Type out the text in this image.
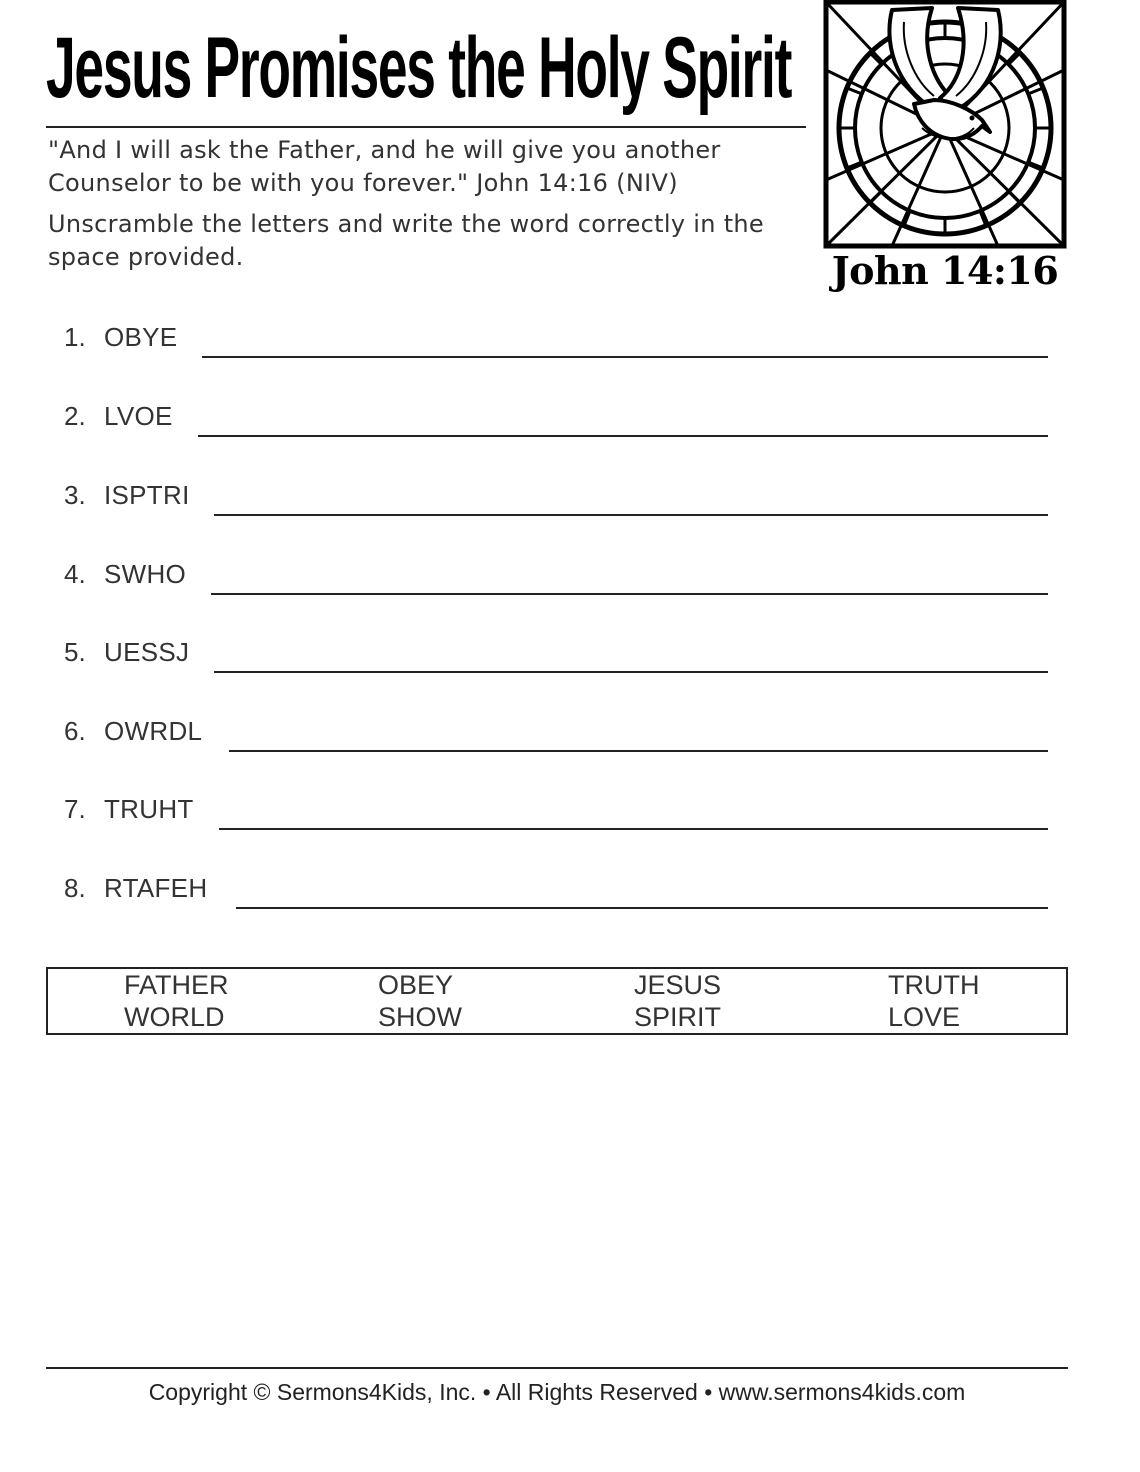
Jesus Promises the Holy Spirit
"And I will ask the Father, and he will give you another Counselor to be with you forever." John 14:16 (NIV)
Unscramble the letters and write the word correctly in the space provided.	John 14:16
1. OBYE
2. LVOE
3. ISPTRI
4. SWHO
5. UESSJ
6. OWRDL
7. TRUHT
8. RTAFEH
FATHER	OBEY	JESUS	TRUTH
WORLD	SHOW	SPIRIT	LOVE
Copyright © Sermons4Kids, Inc. • All Rights Reserved • www.sermons4kids.com
